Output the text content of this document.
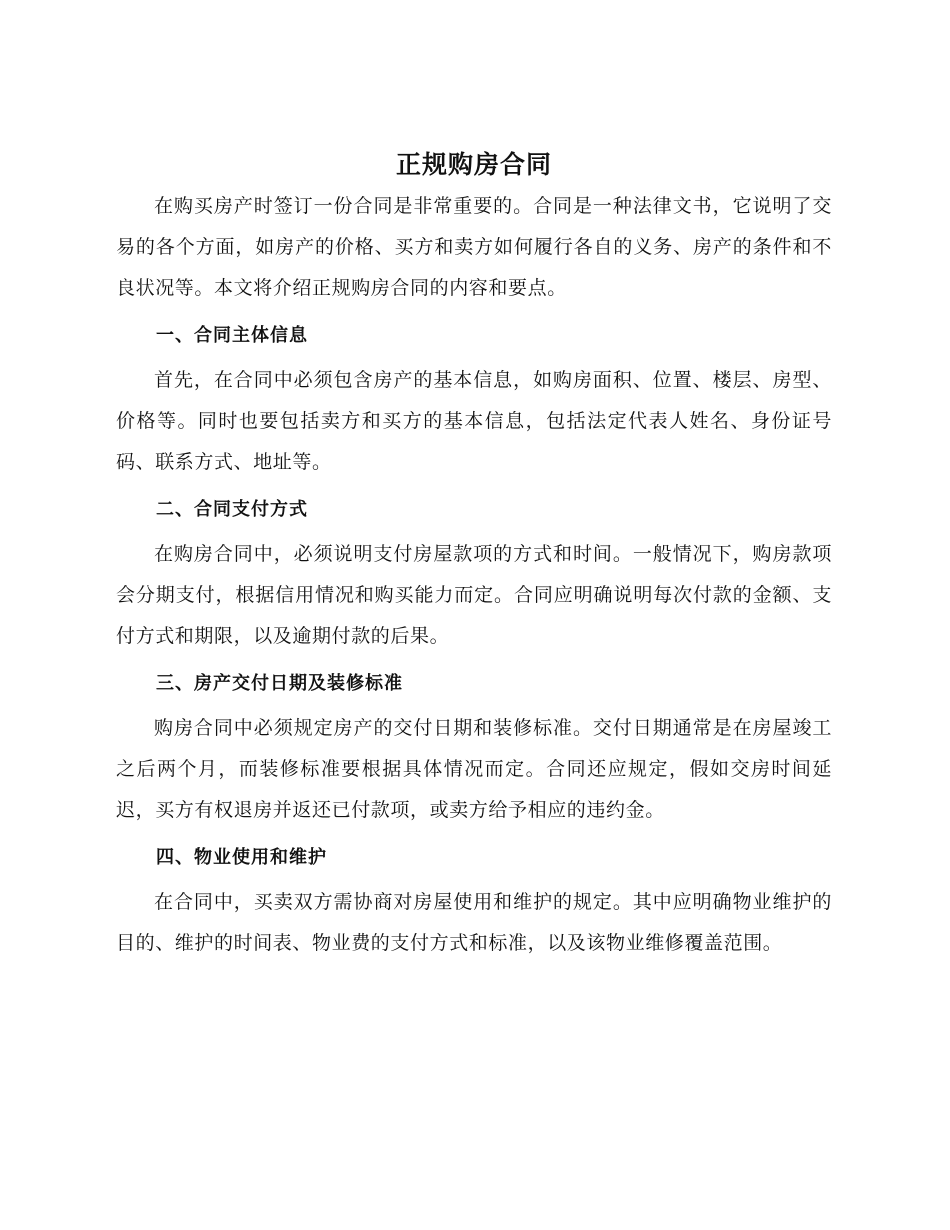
正规购房合同

在购买房产时签订一份合同是非常重要的。合同是一种法律文书，它说明了交易的各个方面，如房产的价格、买方和卖方如何履行各自的义务、房产的条件和不良状况等。本文将介绍正规购房合同的内容和要点。

一、合同主体信息

首先，在合同中必须包含房产的基本信息，如购房面积、位置、楼层、房型、价格等。同时也要包括卖方和买方的基本信息，包括法定代表人姓名、身份证号码、联系方式、地址等。

二、合同支付方式

在购房合同中，必须说明支付房屋款项的方式和时间。一般情况下，购房款项会分期支付，根据信用情况和购买能力而定。合同应明确说明每次付款的金额、支付方式和期限，以及逾期付款的后果。

三、房产交付日期及装修标准

购房合同中必须规定房产的交付日期和装修标准。交付日期通常是在房屋竣工之后两个月，而装修标准要根据具体情况而定。合同还应规定，假如交房时间延迟，买方有权退房并返还已付款项，或卖方给予相应的违约金。

四、物业使用和维护

在合同中，买卖双方需协商对房屋使用和维护的规定。其中应明确物业维护的目的、维护的时间表、物业费的支付方式和标准，以及该物业维修覆盖范围。
